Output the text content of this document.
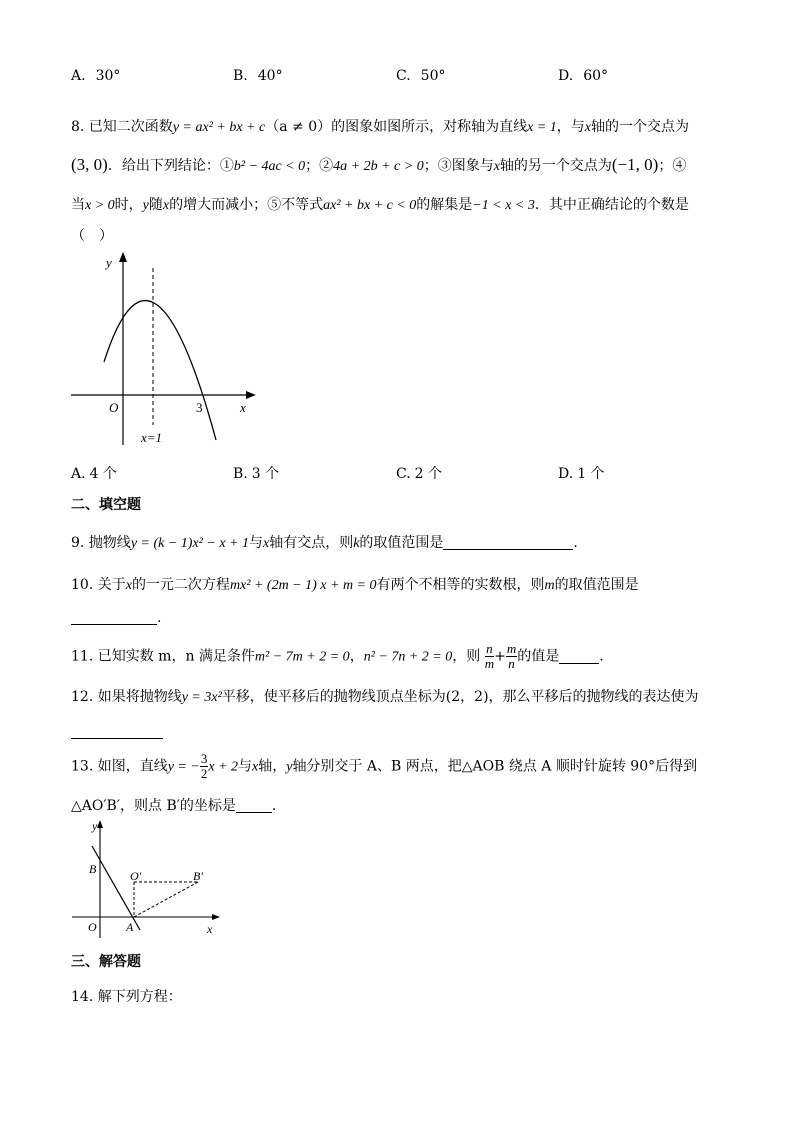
A. 30°	B. 40°	C. 50°	D. 60°
8. 已知二次函数y = ax² + bx + c（a ≠ 0）的图象如图所示，对称轴为直线x = 1，与x轴的一个交点为
(3, 0)．给出下列结论：①b² − 4ac < 0；②4a + 2b + c > 0；③图象与x轴的另一个交点为(−1, 0)；④
当x > 0时，y随x的增大而减小；⑤不等式ax² + bx + c < 0的解集是−1 < x < 3．其中正确结论的个数是
（　）
y
x
O	3
x=1
A. 4 个	B. 3 个	C. 2 个	D. 1 个
二、填空题
9. 抛物线y = (k − 1)x² − x + 1与x轴有交点，则k的取值范围是	.
10. 关于x的一元二次方程mx² + (2m − 1) x + m = 0有两个不相等的实数根，则m的取值范围是
.
11. 已知实数 m，n 满足条件m² − 7m + 2 = 0，n² − 7n + 2 = 0，则 $\frac{n}{m} + \frac{m}{n}$ 的值是	.
12. 如果将抛物线y = 3x²平移，使平移后的抛物线顶点坐标为(2，2)，那么平移后的抛物线的表达使为
13. 如图，直线y = − $\frac{3}{2}$ x + 2与x轴，y轴分别交于 A、B 两点，把△AOB 绕点 A 顺时针旋转 90°后得到
△AO′B′，则点 B′的坐标是	.
y
x
B	O′	B′
O A
三、解答题
14. 解下列方程：
